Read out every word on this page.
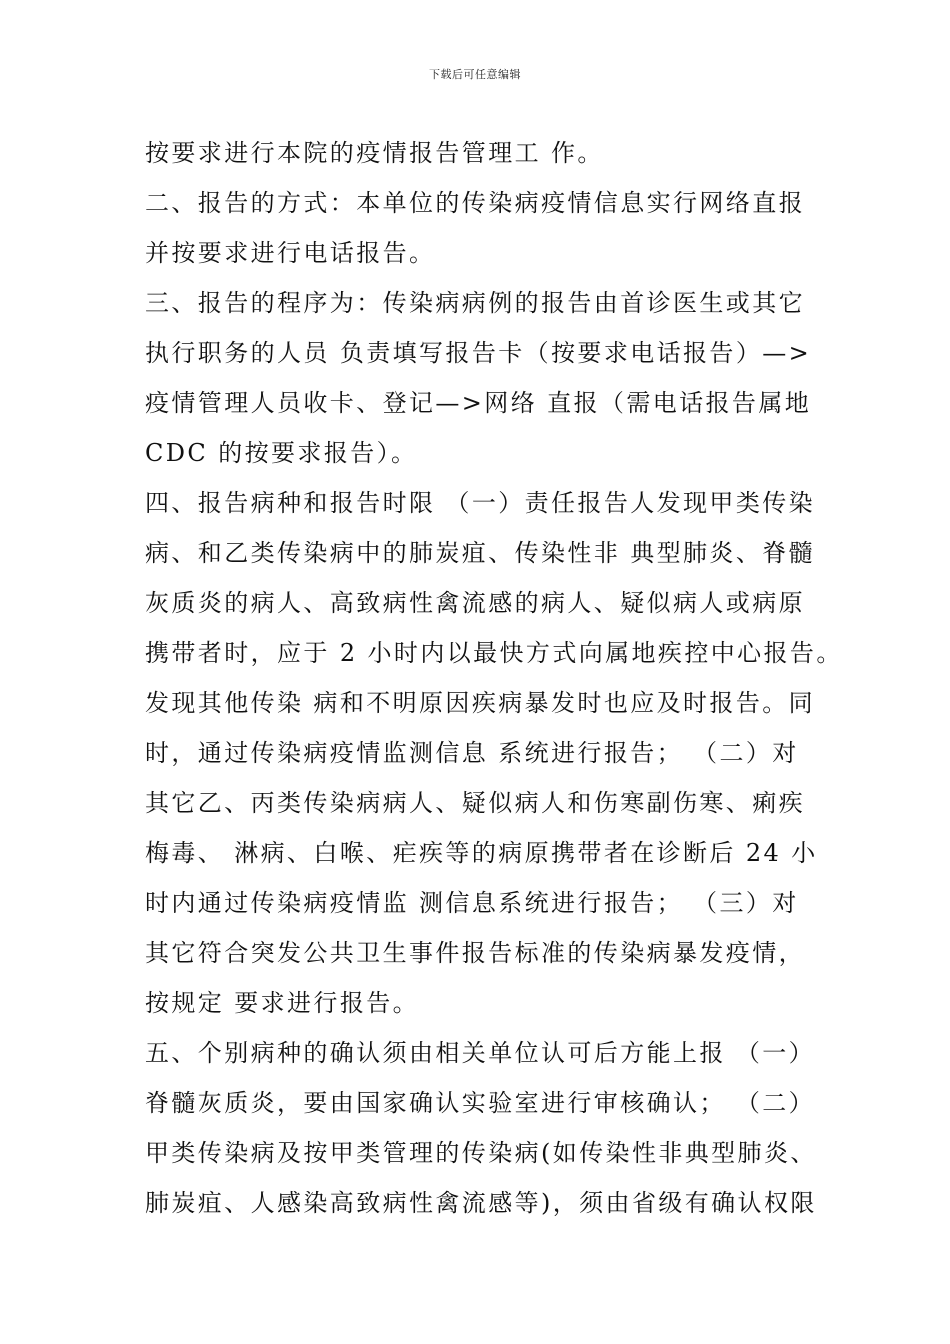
下载后可任意编辑
按要求进行本院的疫情报告管理工 作。
二、报告的方式：本单位的传染病疫情信息实行网络直报
并按要求进行电话报告。
三、报告的程序为：传染病病例的报告由首诊医生或其它
执行职务的人员 负责填写报告卡（按要求电话报告）—>
疫情管理人员收卡、登记—>网络 直报（需电话报告属地
CDC 的按要求报告）。
四、报告病种和报告时限 （一）责任报告人发现甲类传染
病、和乙类传染病中的肺炭疽、传染性非 典型肺炎、脊髓
灰质炎的病人、高致病性禽流感的病人、疑似病人或病原
携带者时，应于 2 小时内以最快方式向属地疾控中心报告。
发现其他传染 病和不明原因疾病暴发时也应及时报告。同
时，通过传染病疫情监测信息 系统进行报告； （二）对
其它乙、丙类传染病病人、疑似病人和伤寒副伤寒、痢疾
梅毒、 淋病、白喉、疟疾等的病原携带者在诊断后 24 小
时内通过传染病疫情监 测信息系统进行报告； （三）对
其它符合突发公共卫生事件报告标准的传染病暴发疫情，
按规定 要求进行报告。
五、个别病种的确认须由相关单位认可后方能上报 （一）
脊髓灰质炎，要由国家确认实验室进行审核确认； （二）
甲类传染病及按甲类管理的传染病(如传染性非典型肺炎、
肺炭疽、人感染高致病性禽流感等)，须由省级有确认权限
